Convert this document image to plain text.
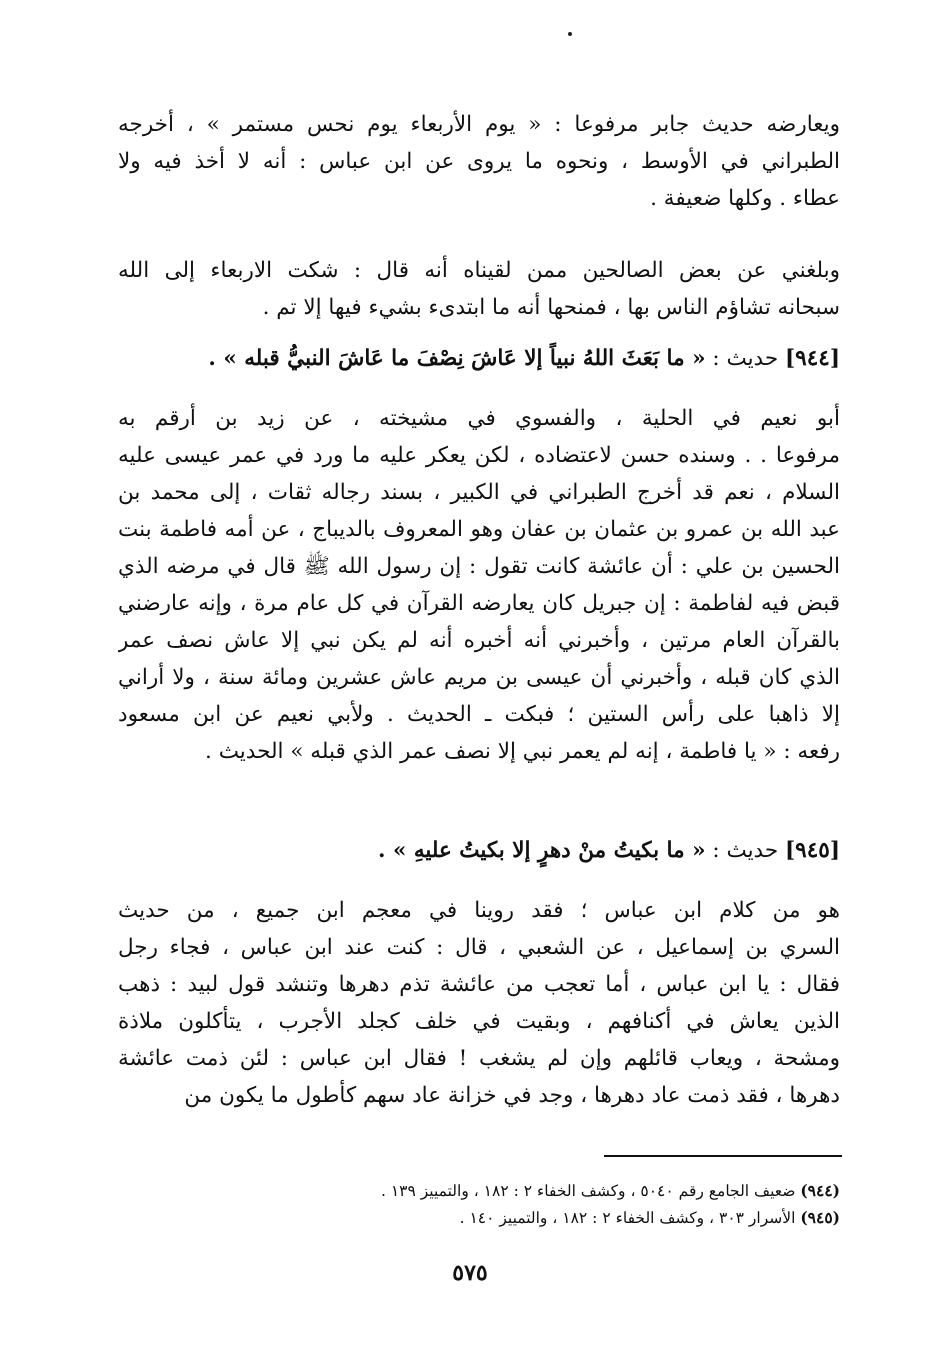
ويعارضه حديث جابر مرفوعا : « يوم الأربعاء يوم نحس مستمر » ، أخرجه
الطبراني في الأوسط ، ونحوه ما يروى عن ابن عباس : أنه لا أخذ فيه ولا
عطاء . وكلها ضعيفة .
وبلغني عن بعض الصالحين ممن لقيناه أنه قال : شكت الاربعاء إلى الله
سبحانه تشاؤم الناس بها ، فمنحها أنه ما ابتدىء بشيء فيها إلا تم .
[٩٤٤] حديث : « ما بَعَثَ اللهُ نبياً إلا عَاشَ نِصْفَ ما عَاشَ النبيُّ قبله » .
أبو نعيم في الحلية ، والفسوي في مشيخته ، عن زيد بن أرقم به
مرفوعا . . وسنده حسن لاعتضاده ، لكن يعكر عليه ما ورد في عمر عيسى عليه
السلام ، نعم قد أخرج الطبراني في الكبير ، بسند رجاله ثقات ، إلى محمد بن
عبد الله بن عمرو بن عثمان بن عفان وهو المعروف بالديباج ، عن أمه فاطمة بنت
الحسين بن علي : أن عائشة كانت تقول : إن رسول الله ﷺ قال في مرضه الذي
قبض فيه لفاطمة : إن جبريل كان يعارضه القرآن في كل عام مرة ، وإنه عارضني
بالقرآن العام مرتين ، وأخبرني أنه أخبره أنه لم يكن نبي إلا عاش نصف عمر
الذي كان قبله ، وأخبرني أن عيسى بن مريم عاش عشرين ومائة سنة ، ولا أراني
إلا ذاهبا على رأس الستين ؛ فبكت ـ الحديث . ولأبي نعيم عن ابن مسعود
رفعه : « يا فاطمة ، إنه لم يعمر نبي إلا نصف عمر الذي قبله » الحديث .
[٩٤٥] حديث : « ما بكيتُ منْ دهرٍ إلا بكيتُ عليهِ » .
هو من كلام ابن عباس ؛ فقد روينا في معجم ابن جميع ، من حديث
السري بن إسماعيل ، عن الشعبي ، قال : كنت عند ابن عباس ، فجاء رجل
فقال : يا ابن عباس ، أما تعجب من عائشة تذم دهرها وتنشد قول لبيد : ذهب
الذين يعاش في أكنافهم ، وبقيت في خلف كجلد الأجرب ، يتأكلون ملاذة
ومشحة ، ويعاب قائلهم وإن لم يشغب ! فقال ابن عباس : لئن ذمت عائشة
دهرها ، فقد ذمت عاد دهرها ، وجد في خزانة عاد سهم كأطول ما يكون من
(٩٤٤) ضعيف الجامع رقم ٥٠٤٠ ، وكشف الخفاء ٢ : ١٨٢ ، والتمييز ١٣٩ .
(٩٤٥) الأسرار ٣٠٣ ، وكشف الخفاء ٢ : ١٨٢ ، والتمييز ١٤٠ .
٥٧٥
